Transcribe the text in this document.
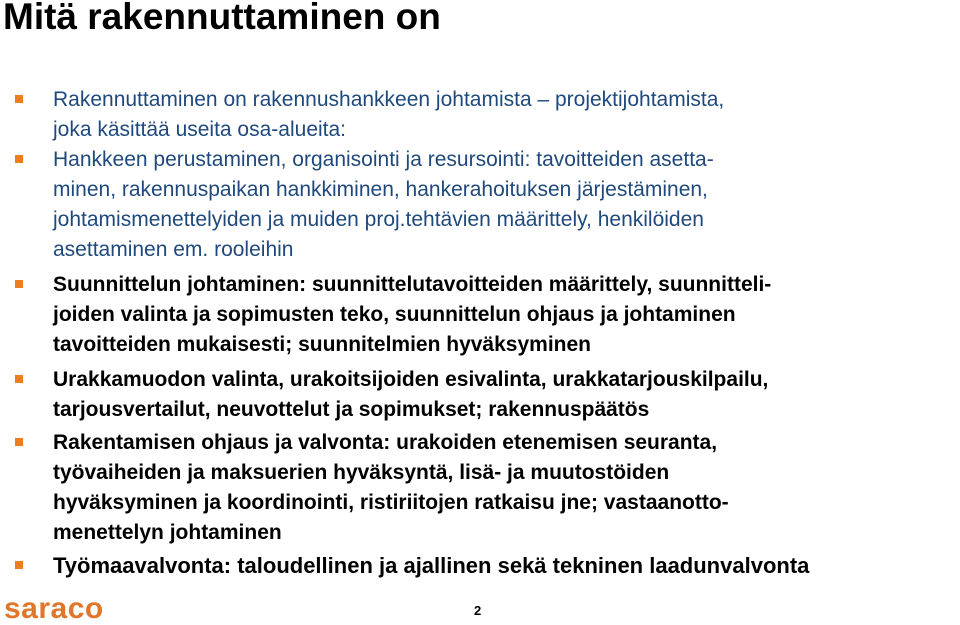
Mitä rakennuttaminen on
Rakennuttaminen on rakennushankkeen johtamista – projektijohtamista,
joka käsittää useita osa-alueita:
Hankkeen perustaminen, organisointi ja resursointi: tavoitteiden asetta-
minen, rakennuspaikan hankkiminen, hankerahoituksen järjestäminen,
johtamismenettelyiden ja muiden proj.tehtävien määrittely, henkilöiden
asettaminen em. rooleihin
Suunnittelun johtaminen: suunnittelutavoitteiden määrittely, suunnitteli-
joiden valinta ja sopimusten teko, suunnittelun ohjaus ja johtaminen
tavoitteiden mukaisesti; suunnitelmien hyväksyminen
Urakkamuodon valinta, urakoitsijoiden esivalinta, urakkatarjouskilpailu,
tarjousvertailut, neuvottelut ja sopimukset; rakennuspäätös
Rakentamisen ohjaus ja valvonta: urakoiden etenemisen seuranta,
työvaiheiden ja maksuerien hyväksyntä, lisä- ja muutostöiden
hyväksyminen ja koordinointi, ristiriitojen ratkaisu jne; vastaanotto-
menettelyn johtaminen
Työmaavalvonta: taloudellinen ja ajallinen sekä tekninen laadunvalvonta
saraco	2
